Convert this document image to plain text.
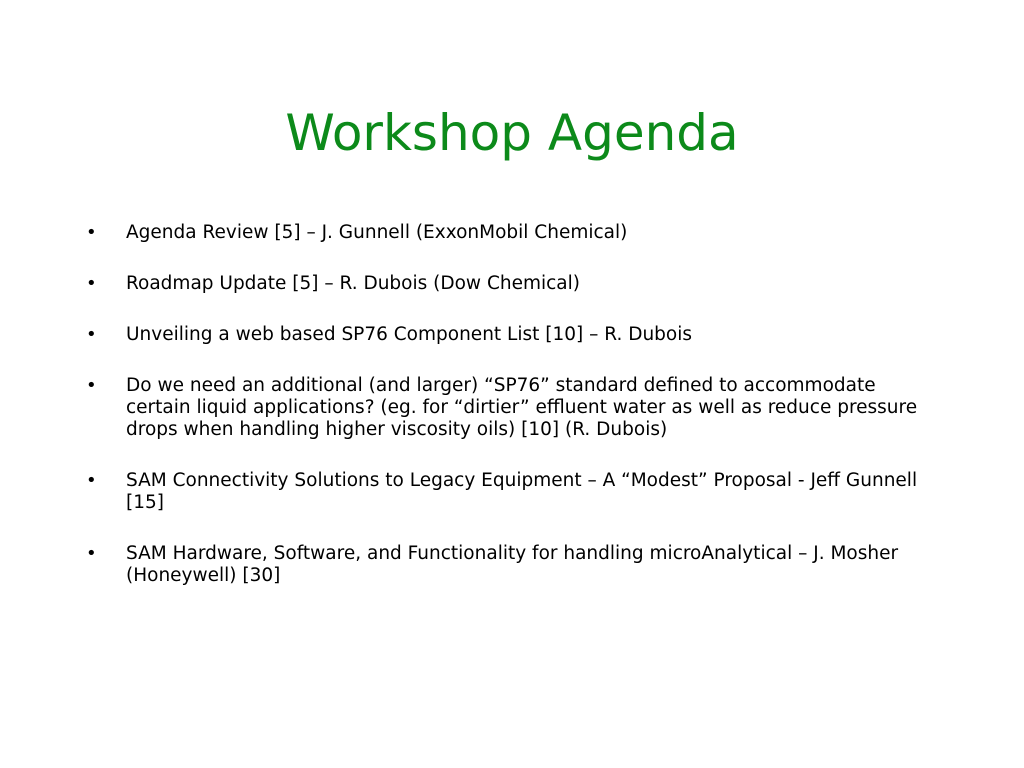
Workshop Agenda
•	Agenda Review [5] – J. Gunnell (ExxonMobil Chemical)
•	Roadmap Update [5] – R. Dubois (Dow Chemical)
•	Unveiling a web based SP76 Component List [10] – R. Dubois
•	Do we need an additional (and larger) “SP76” standard defined to accommodate certain liquid applications? (eg. for “dirtier” effluent water as well as reduce pressure drops when handling higher viscosity oils) [10] (R. Dubois)
•	SAM Connectivity Solutions to Legacy Equipment – A “Modest” Proposal - Jeff Gunnell [15]
•	SAM Hardware, Software, and Functionality for handling microAnalytical – J. Mosher (Honeywell) [30]
